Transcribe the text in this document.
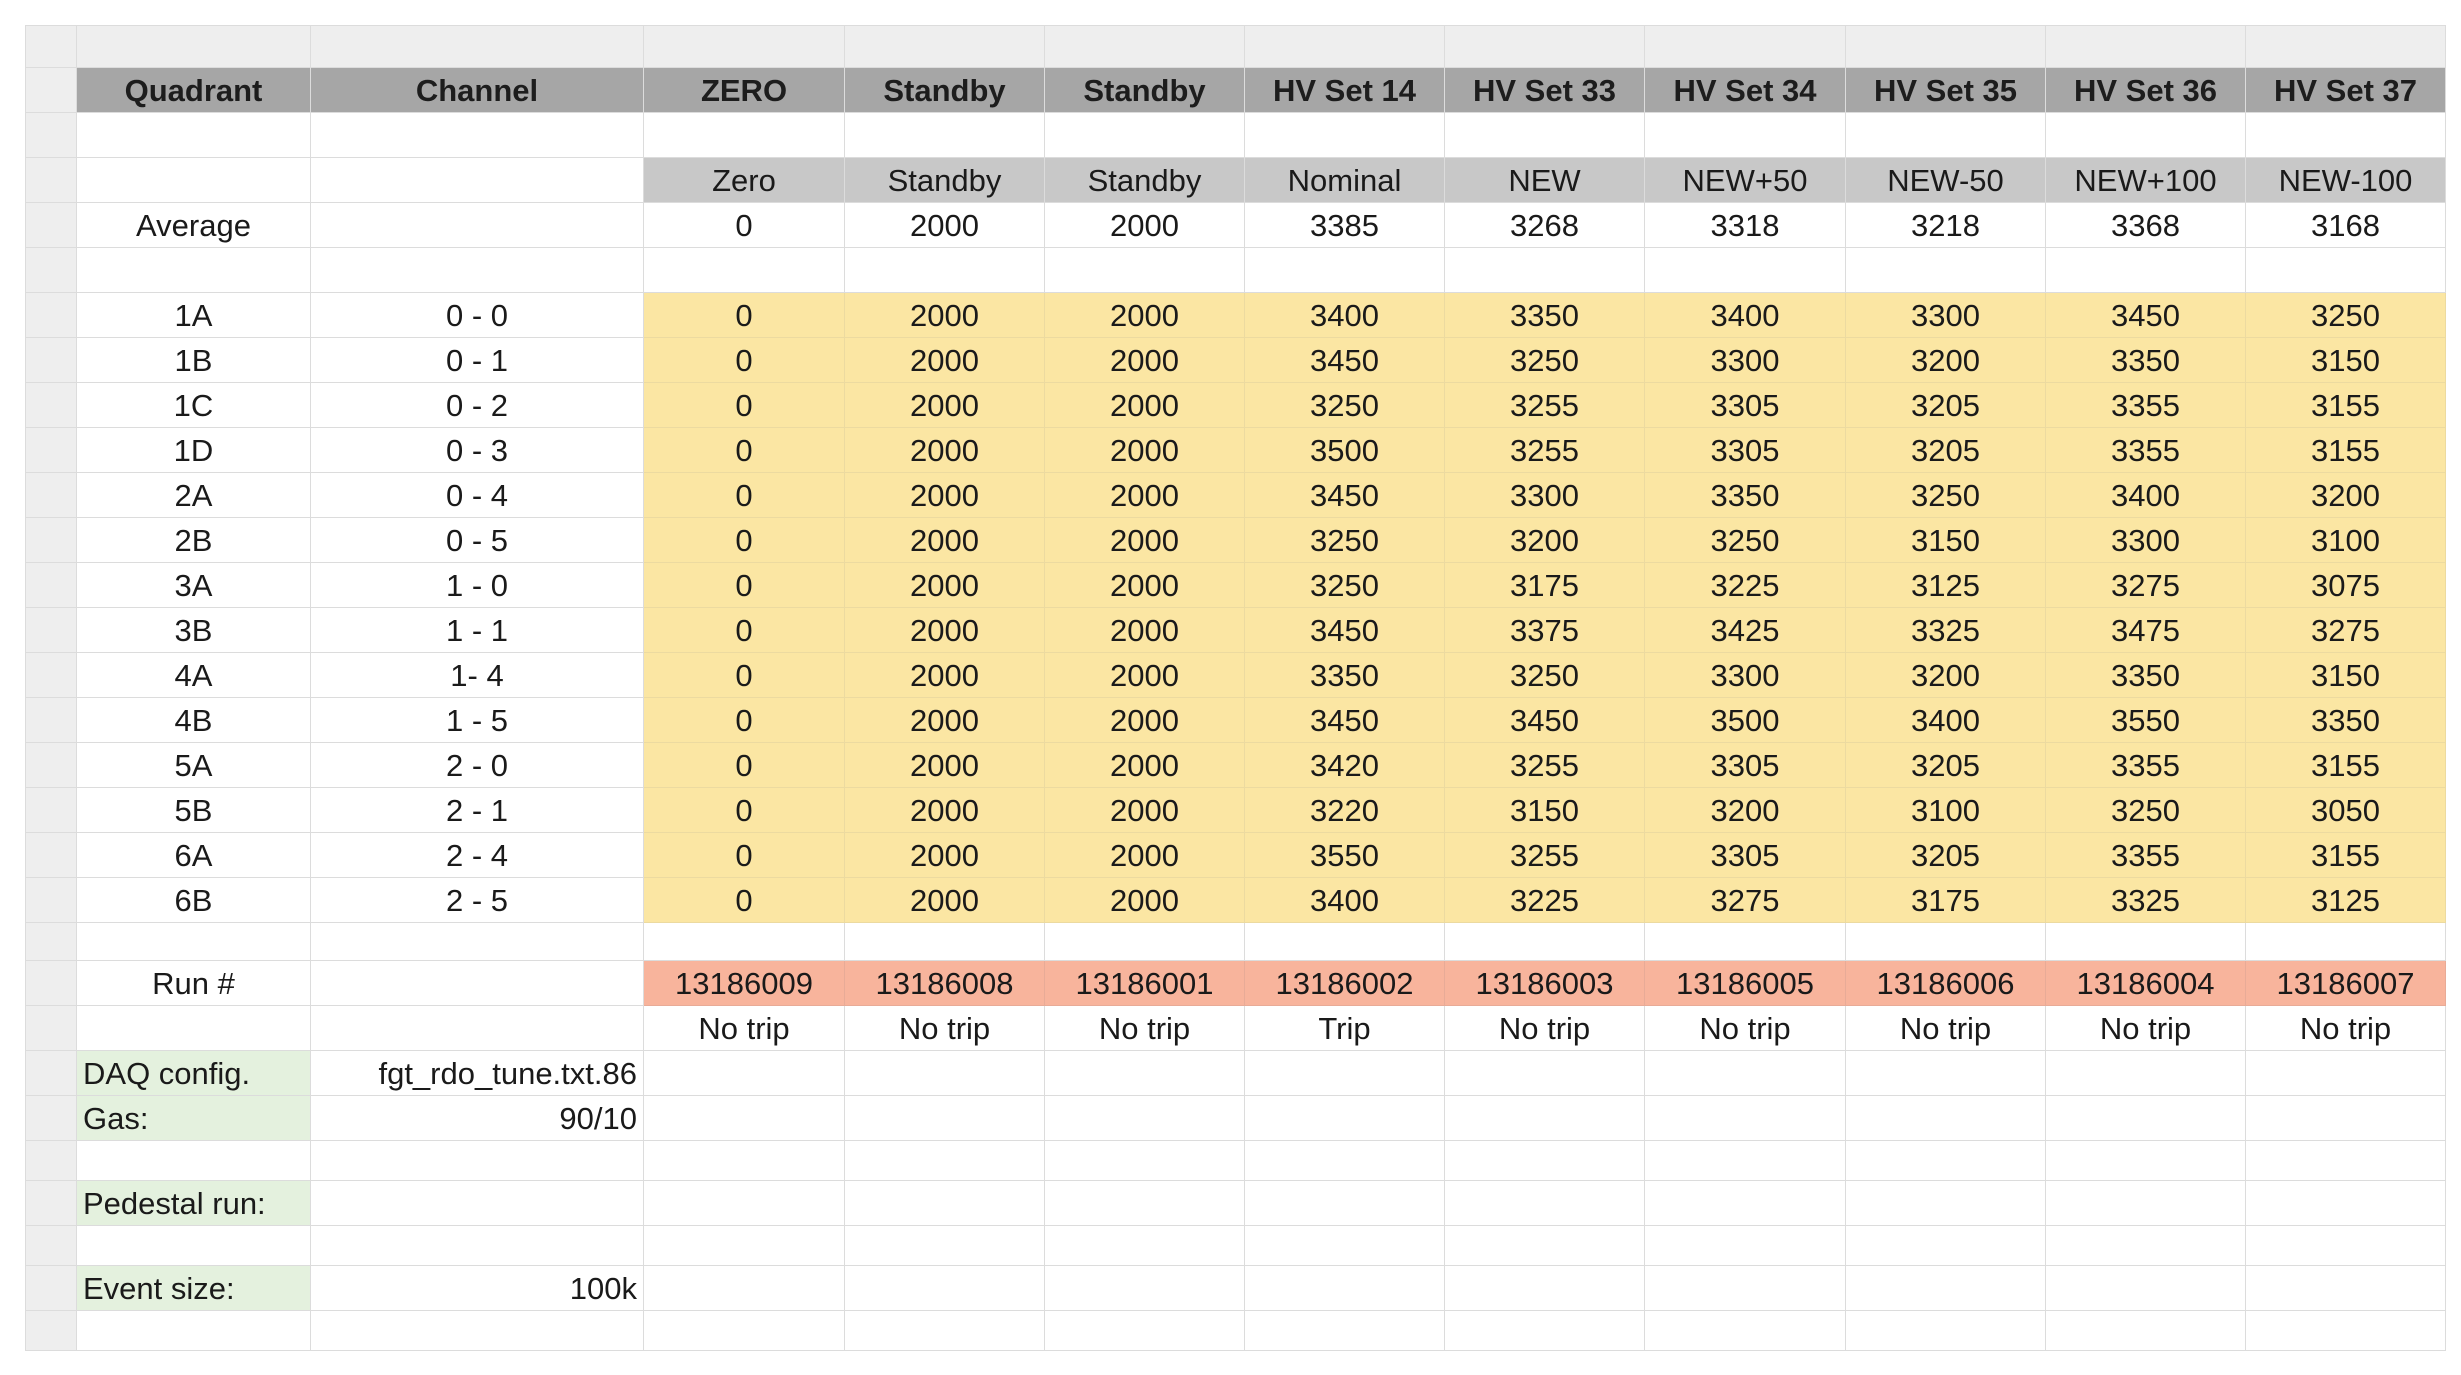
	Quadrant	Channel	ZERO	Standby	Standby	HV Set 14	HV Set 33	HV Set 34	HV Set 35	HV Set 36	HV Set 37

			Zero	Standby	Standby	Nominal	NEW	NEW+50	NEW-50	NEW+100	NEW-100
	Average		0	2000	2000	3385	3268	3318	3218	3368	3168

	1A	0 - 0	0	2000	2000	3400	3350	3400	3300	3450	3250
	1B	0 - 1	0	2000	2000	3450	3250	3300	3200	3350	3150
	1C	0 - 2	0	2000	2000	3250	3255	3305	3205	3355	3155
	1D	0 - 3	0	2000	2000	3500	3255	3305	3205	3355	3155
	2A	0 - 4	0	2000	2000	3450	3300	3350	3250	3400	3200
	2B	0 - 5	0	2000	2000	3250	3200	3250	3150	3300	3100
	3A	1 - 0	0	2000	2000	3250	3175	3225	3125	3275	3075
	3B	1 - 1	0	2000	2000	3450	3375	3425	3325	3475	3275
	4A	1- 4	0	2000	2000	3350	3250	3300	3200	3350	3150
	4B	1 - 5	0	2000	2000	3450	3450	3500	3400	3550	3350
	5A	2 - 0	0	2000	2000	3420	3255	3305	3205	3355	3155
	5B	2 - 1	0	2000	2000	3220	3150	3200	3100	3250	3050
	6A	2 - 4	0	2000	2000	3550	3255	3305	3205	3355	3155
	6B	2 - 5	0	2000	2000	3400	3225	3275	3175	3325	3125

	Run #		13186009	13186008	13186001	13186002	13186003	13186005	13186006	13186004	13186007
			No trip	No trip	No trip	Trip	No trip	No trip	No trip	No trip	No trip
	DAQ config.	fgt_rdo_tune.txt.86									
	Gas:	90/10									

	Pedestal run:										

	Event size:	100k									
